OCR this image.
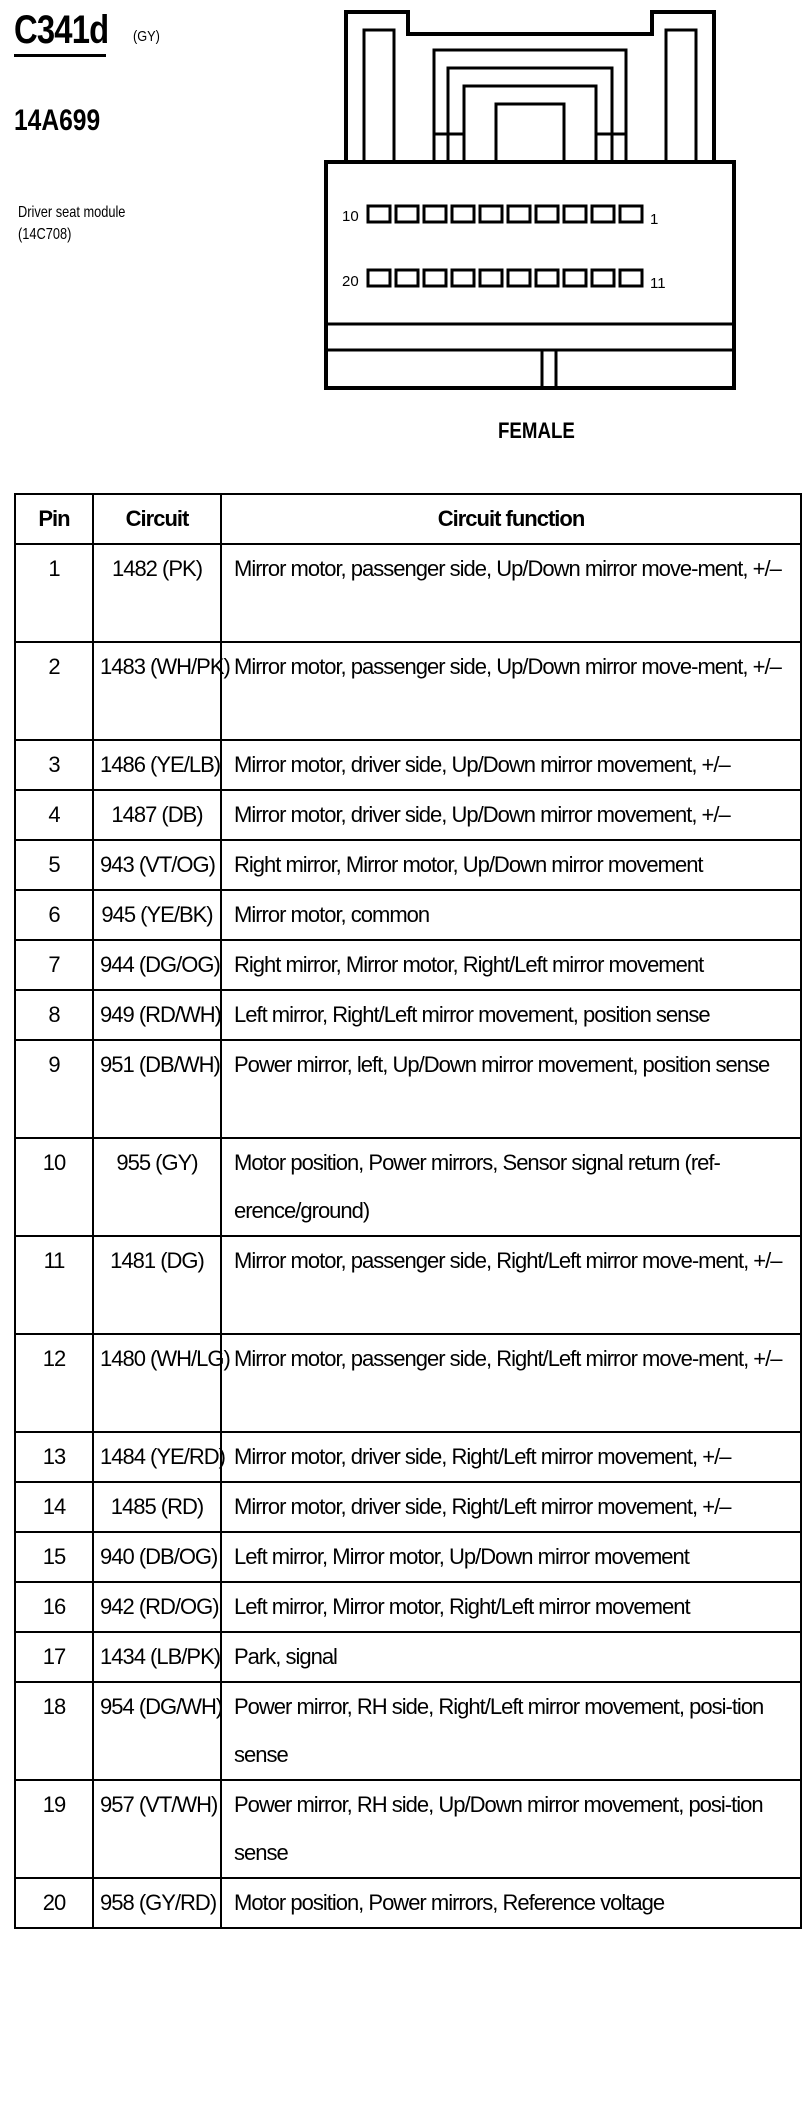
C341d (GY)
14A699
Driver seat module
(14C708)
10	1
20	11
FEMALE
Pin	Circuit	Circuit function
1	1482 (PK)	Mirror motor, passenger side, Up/Down mirror move-ment, +/–
2	1483 (WH/PK)	Mirror motor, passenger side, Up/Down mirror move-ment, +/–
3	1486 (YE/LB)	Mirror motor, driver side, Up/Down mirror movement, +/–
4	1487 (DB)	Mirror motor, driver side, Up/Down mirror movement, +/–
5	943 (VT/OG)	Right mirror, Mirror motor, Up/Down mirror movement
6	945 (YE/BK)	Mirror motor, common
7	944 (DG/OG)	Right mirror, Mirror motor, Right/Left mirror movement
8	949 (RD/WH)	Left mirror, Right/Left mirror movement, position sense
9	951 (DB/WH)	Power mirror, left, Up/Down mirror movement, position sense
10	955 (GY)	Motor position, Power mirrors, Sensor signal return (ref-erence/ground)
11	1481 (DG)	Mirror motor, passenger side, Right/Left mirror move-ment, +/–
12	1480 (WH/LG)	Mirror motor, passenger side, Right/Left mirror move-ment, +/–
13	1484 (YE/RD)	Mirror motor, driver side, Right/Left mirror movement, +/–
14	1485 (RD)	Mirror motor, driver side, Right/Left mirror movement, +/–
15	940 (DB/OG)	Left mirror, Mirror motor, Up/Down mirror movement
16	942 (RD/OG)	Left mirror, Mirror motor, Right/Left mirror movement
17	1434 (LB/PK)	Park, signal
18	954 (DG/WH)	Power mirror, RH side, Right/Left mirror movement, posi-tion sense
19	957 (VT/WH)	Power mirror, RH side, Up/Down mirror movement, posi-tion sense
20	958 (GY/RD)	Motor position, Power mirrors, Reference voltage
